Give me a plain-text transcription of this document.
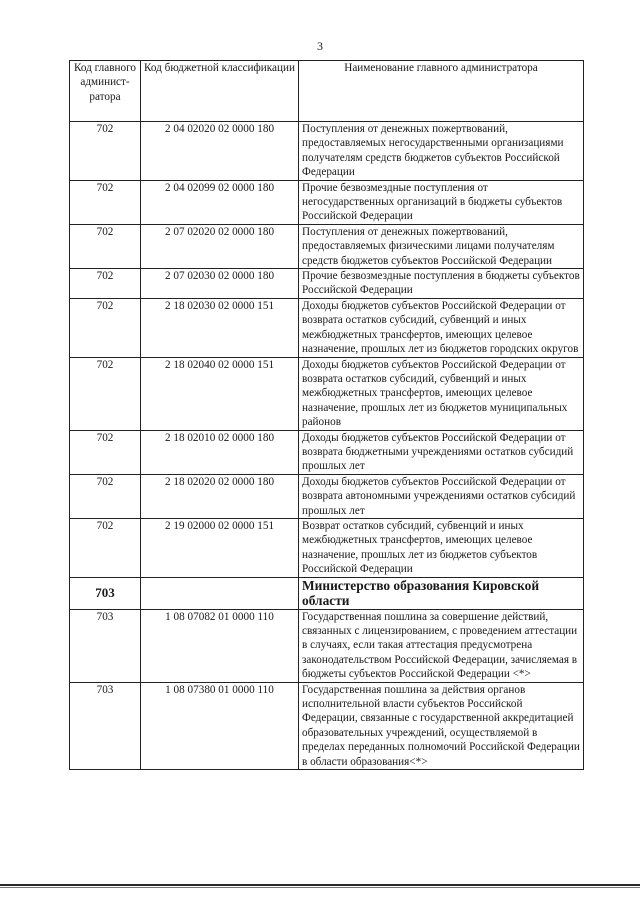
3
Код главного админист-ратора	Код бюджетной классификации	Наименование главного администратора
702	2 04 02020 02 0000 180	Поступления от денежных пожертвований, предоставляемых негосударственными организациями получателям средств бюджетов субъектов Российской Федерации
702	2 04 02099 02 0000 180	Прочие безвозмездные поступления от негосударственных организаций в бюджеты субъектов Российской Федерации
702	2 07 02020 02 0000 180	Поступления от денежных пожертвований, предоставляемых физическими лицами получателям средств бюджетов субъектов Российской Федерации
702	2 07 02030 02 0000 180	Прочие безвозмездные поступления в бюджеты субъектов Российской Федерации
702	2 18 02030 02 0000 151	Доходы бюджетов субъектов Российской Федерации от возврата остатков субсидий, субвенций и иных межбюджетных трансфертов, имеющих целевое назначение, прошлых лет из бюджетов городских округов
702	2 18 02040 02 0000 151	Доходы бюджетов субъектов Российской Федерации от возврата остатков субсидий, субвенций и иных межбюджетных трансфертов, имеющих целевое назначение, прошлых лет из бюджетов муниципальных районов
702	2 18 02010 02 0000 180	Доходы бюджетов субъектов Российской Федерации от возврата бюджетными учреждениями остатков субсидий прошлых лет
702	2 18 02020 02 0000 180	Доходы бюджетов субъектов Российской Федерации от возврата автономными учреждениями остатков субсидий прошлых лет
702	2 19 02000 02 0000 151	Возврат остатков субсидий, субвенций и иных межбюджетных трансфертов, имеющих целевое назначение, прошлых лет из бюджетов субъектов Российской Федерации
703		Министерство образования Кировской области
703	1 08 07082 01 0000 110	Государственная пошлина за совершение действий, связанных с лицензированием, с проведением аттестации в случаях, если такая аттестация предусмотрена законодательством Российской Федерации, зачисляемая в бюджеты субъектов Российской Федерации <*>
703	1 08 07380 01 0000 110	Государственная пошлина за действия органов исполнительной власти субъектов Российской Федерации, связанные с государственной аккредитацией образовательных учреждений, осуществляемой в пределах переданных полномочий Российской Федерации в области образования<*>
